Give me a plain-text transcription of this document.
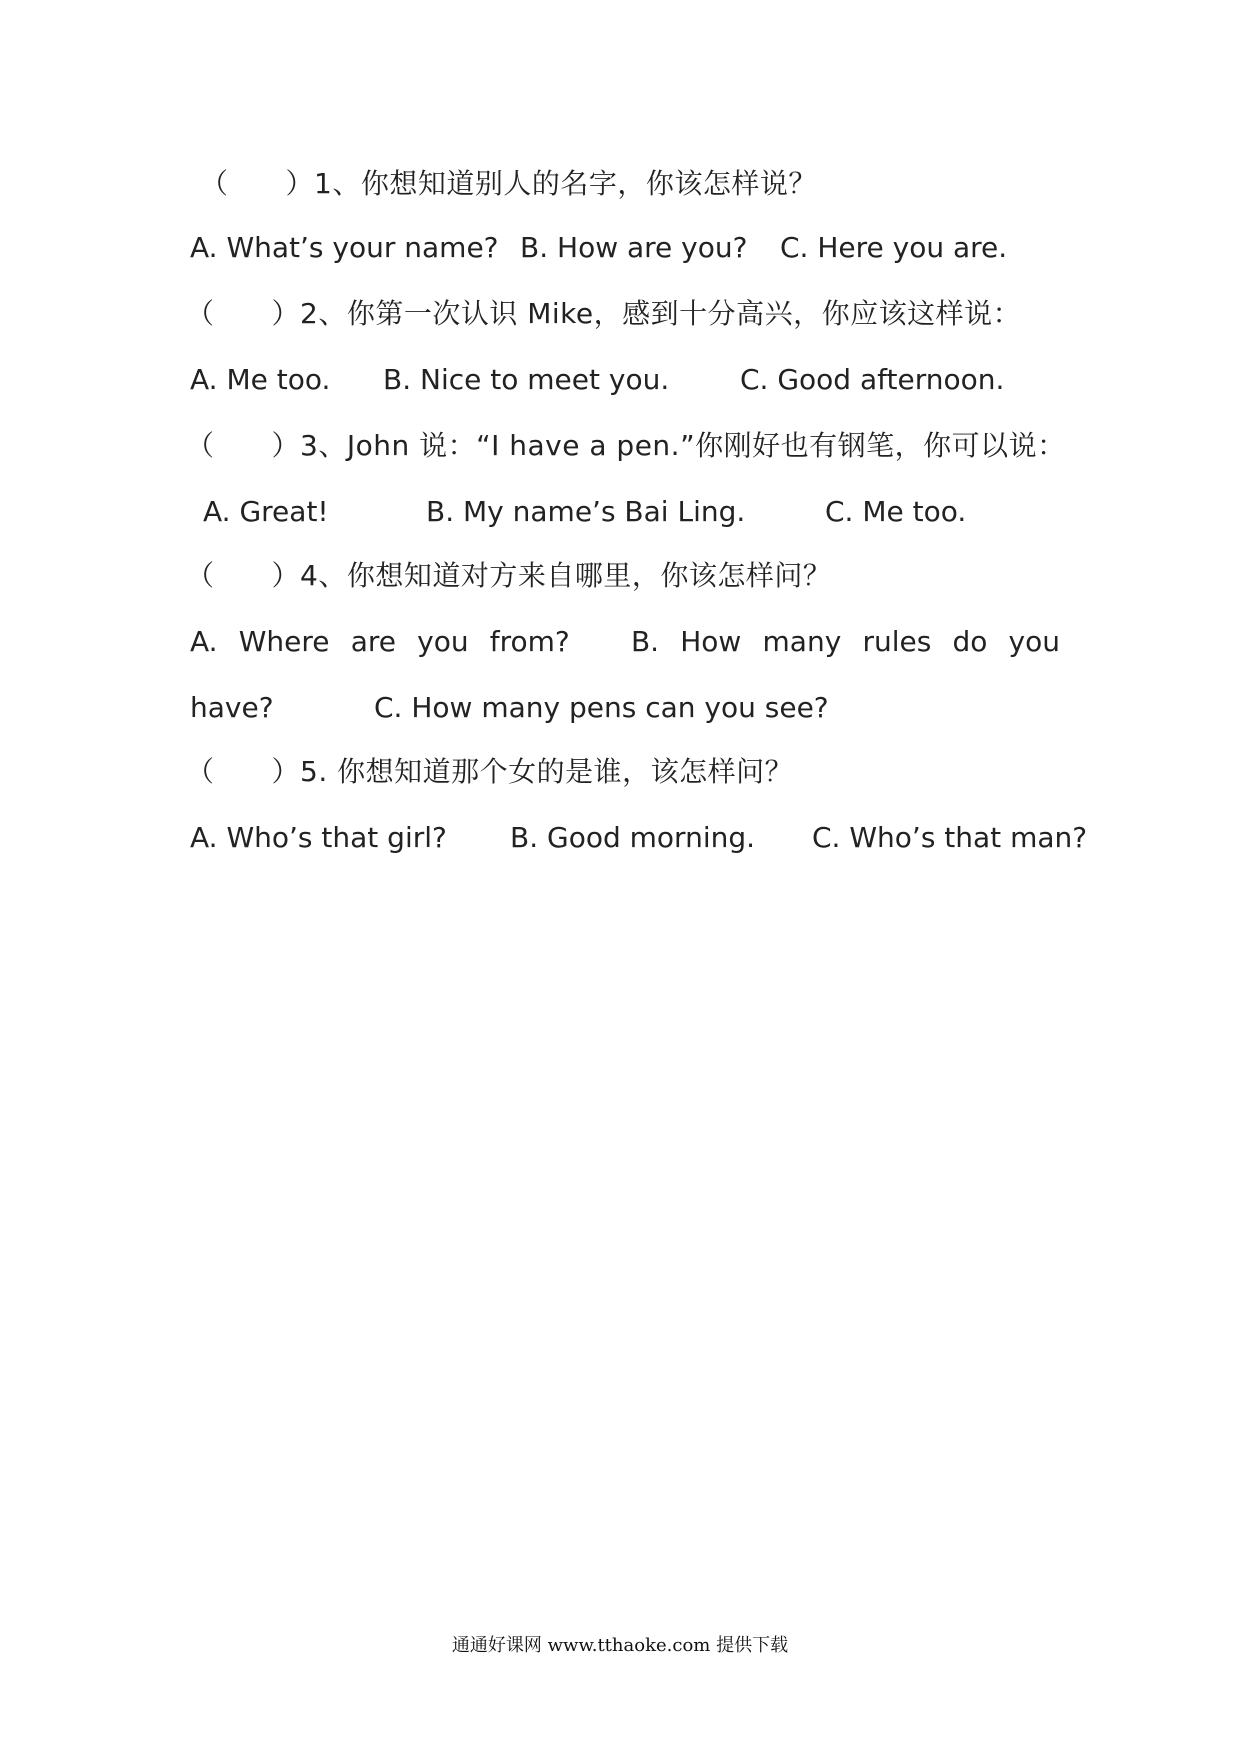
（　　）1、你想知道别人的名字，你该怎样说？
A. What’s your name? B. How are you? C. Here you are.
（　　）2、你第一次认识 Mike，感到十分高兴，你应该这样说：
A. Me too. B. Nice to meet you.	C. Good afternoon.
（　　）3、John 说：“I have a pen.”你刚好也有钢笔，你可以说：
A. Great!	B. My name’s Bai Ling.	C. Me too.
（　　）4、你想知道对方来自哪里，你该怎样问？
A. Where are you from? B. How many rules do you
have?	C. How many pens can you see?
（　　）5. 你想知道那个女的是谁，该怎样问？
A. Who’s that girl? B. Good morning. C. Who’s that man?
通通好课网 www.tthaoke.com 提供下载
